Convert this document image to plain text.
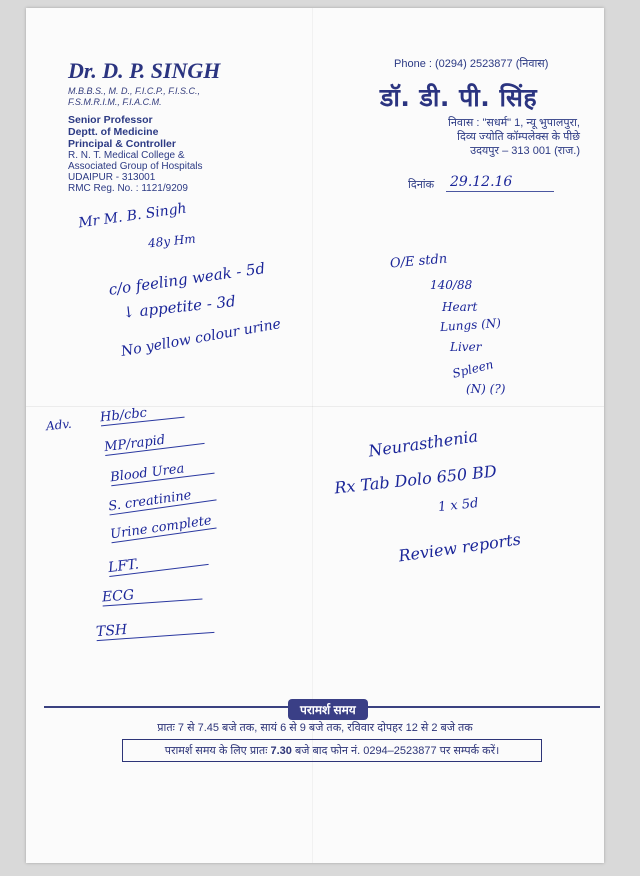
Dr. D. P. SINGH
M.B.B.S., M. D., F.I.C.P., F.I.S.C.,
F.S.M.R.I.M., F.I.A.C.M.
Senior Professor
Deptt. of Medicine
Principal & Controller
R. N. T. Medical College &
Associated Group of Hospitals
UDAIPUR - 313001
RMC Reg. No. : 1121/9209
Phone : (0294) 2523877 (निवास)
डॉ. डी. पी. सिंह
निवास : "सधर्म" 1, न्यू भुपालपुरा,
दिव्य ज्योति कॉम्पलेक्स के पीछे
उदयपुर – 313 001 (राज.)
दिनांक 29.12.16
Mr M. B. Singh
48y Hm
c/o feeling weak - 5d
↓ appetite - 3d
No yellow colour urine
O/E stdn
140/88
Heart
Lungs (N)
Liver
Spleen
(N) (?)
Adv. Hb/cbc
MP/rapid
Blood Urea
S. creatinine
Urine complete
LFT.
ECG
TSH
Neurasthenia
Rx Tab Dolo 650 BD
1 x 5d
Review reports
परामर्श समय
प्रातः 7 से 7.45 बजे तक, सायं 6 से 9 बजे तक, रविवार दोपहर 12 से 2 बजे तक
परामर्श समय के लिए प्रातः 7.30 बजे बाद फोन नं. 0294–2523877 पर सम्पर्क करें।
